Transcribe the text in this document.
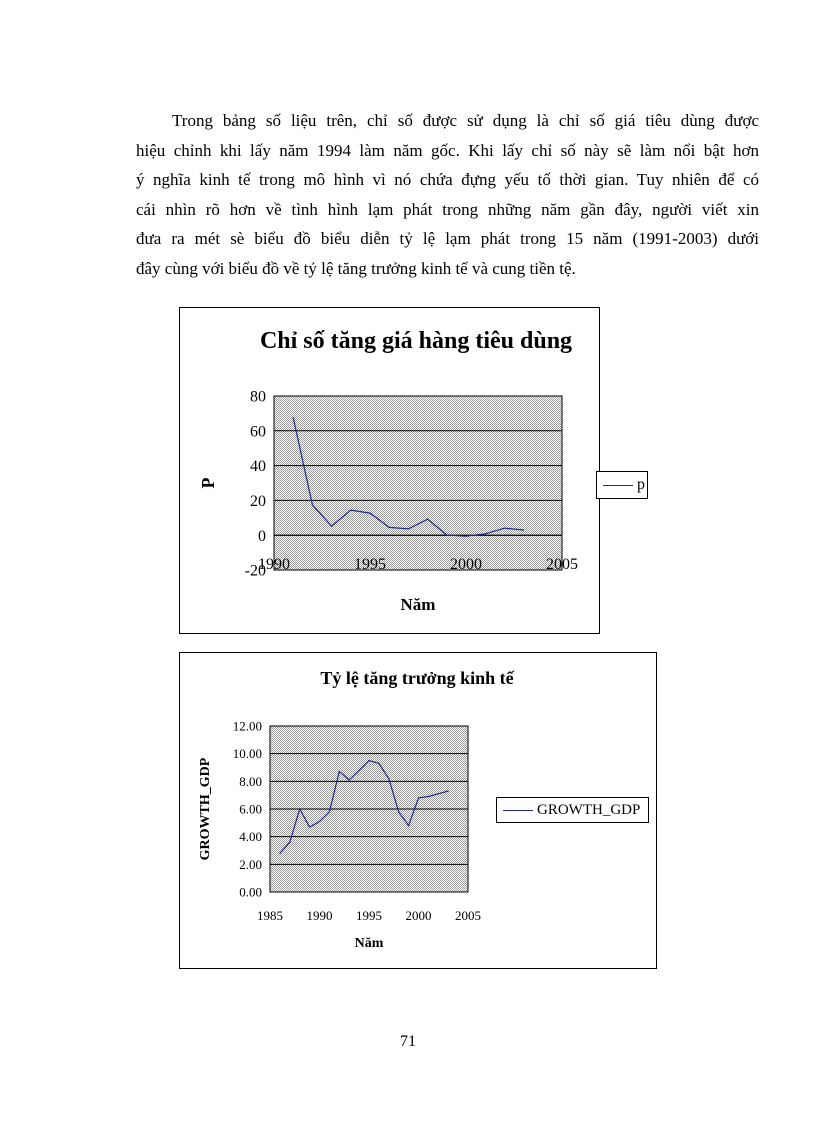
Trong bảng số liệu trên, chỉ số được sử dụng là chỉ số giá tiêu dùng được
hiệu chỉnh khi lấy năm 1994 làm năm gốc. Khi lấy chỉ số này sẽ làm nổi bật hơn
ý nghĩa kinh tế trong mô hình vì nó chứa đựng yếu tố thời gian. Tuy nhiên để có
cái nhìn rõ hơn về tình hình lạm phát trong những năm gần đây, người viết xin
đưa ra mét sè biểu đồ biểu diễn tỷ lệ lạm phát trong 15 năm (1991-2003) dưới
đây cùng với biểu đồ về tỷ lệ tăng trưởng kinh tế và cung tiền tệ.
-20
0
20
40
60
80
1990	1995	2000	2005
Chỉ số tăng giá hàng tiêu dùng
Năm
P	p
0.00
2.00
4.00
6.00
8.00
10.00
12.00
1985 1990 1995 2000 2005
Tỷ lệ tăng trưởng kinh tế
Năm
GROWTH_GDP	GROWTH_GDP
71
